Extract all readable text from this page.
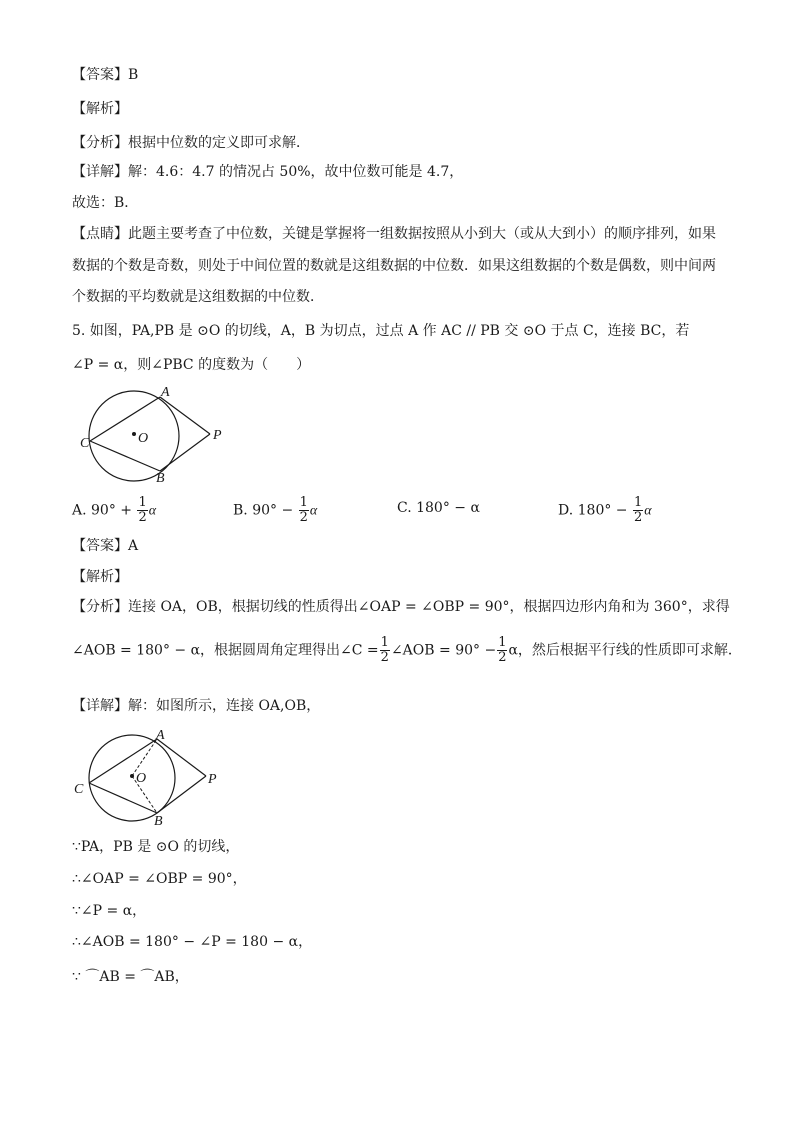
【答案】B
【解析】
【分析】根据中位数的定义即可求解．
【详解】解：4.6：4.7 的情况占 50%，故中位数可能是 4.7，
故选：B．
【点睛】此题主要考查了中位数，关键是掌握将一组数据按照从小到大（或从大到小）的顺序排列，如果
数据的个数是奇数，则处于中间位置的数就是这组数据的中位数．如果这组数据的个数是偶数，则中间两
个数据的平均数就是这组数据的中位数．
5. 如图，PA,PB 是 ⊙O 的切线，A，B 为切点，过点 A 作 AC // PB 交 ⊙O 于点 C，连接 BC，若
∠P = α，则∠PBC 的度数为（　　）
A
B
C	O	P
A. $90^\circ + \frac{1}{2}$ α	B. $90^\circ - \frac{1}{2}$ α	C. 180° − α	D. $180^\circ - \frac{1}{2}$ α
【答案】A
【解析】
【分析】连接 OA，OB，根据切线的性质得出∠OAP = ∠OBP = 90°，根据四边形内角和为 360°，求得
∠AOB = 180° − α，根据圆周角定理得出∠C = $\frac{1}{2}$ ∠AOB = $90^\circ - \frac{1}{2}$ α，然后根据平行线的性质即可求解．
【详解】解：如图所示，连接 OA,OB，
A
B
C
O	P
∵PA，PB 是 ⊙O 的切线，
∴∠OAP = ∠OBP = 90°，
∵∠P = α，
∴∠AOB = 180° − ∠P = 180 − α，
∵ ⌒AB = ⌒AB，
